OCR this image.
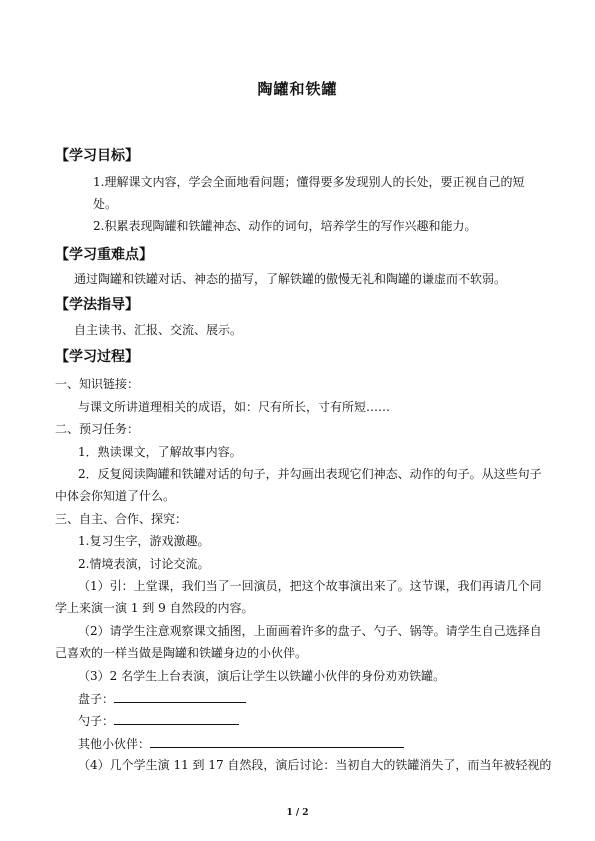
陶罐和铁罐
【学习目标】
1.理解课文内容，学会全面地看问题；懂得要多发现别人的长处，要正视自己的短
处。
2.积累表现陶罐和铁罐神态、动作的词句，培养学生的写作兴趣和能力。
【学习重难点】
通过陶罐和铁罐对话、神态的描写，了解铁罐的傲慢无礼和陶罐的谦虚而不软弱。
【学法指导】
自主读书、汇报、交流、展示。
【学习过程】
一、知识链接：
与课文所讲道理相关的成语，如：尺有所长，寸有所短……
二、预习任务：
1．熟读课文，了解故事内容。
2．反复阅读陶罐和铁罐对话的句子，并勾画出表现它们神态、动作的句子。从这些句子
中体会你知道了什么。
三、自主、合作、探究：
1.复习生字，游戏激趣。
2.情境表演，讨论交流。
（1）引：上堂课，我们当了一回演员，把这个故事演出来了。这节课，我们再请几个同
学上来演一演 1 到 9 自然段的内容。
（2）请学生注意观察课文插图，上面画着许多的盘子、勺子、锅等。请学生自己选择自
己喜欢的一样当做是陶罐和铁罐身边的小伙伴。
（3）2 名学生上台表演，演后让学生以铁罐小伙伴的身份劝劝铁罐。
盘子：
勺子：
其他小伙伴：
（4）几个学生演 11 到 17 自然段，演后讨论：当初自大的铁罐消失了，而当年被轻视的
1 / 2
